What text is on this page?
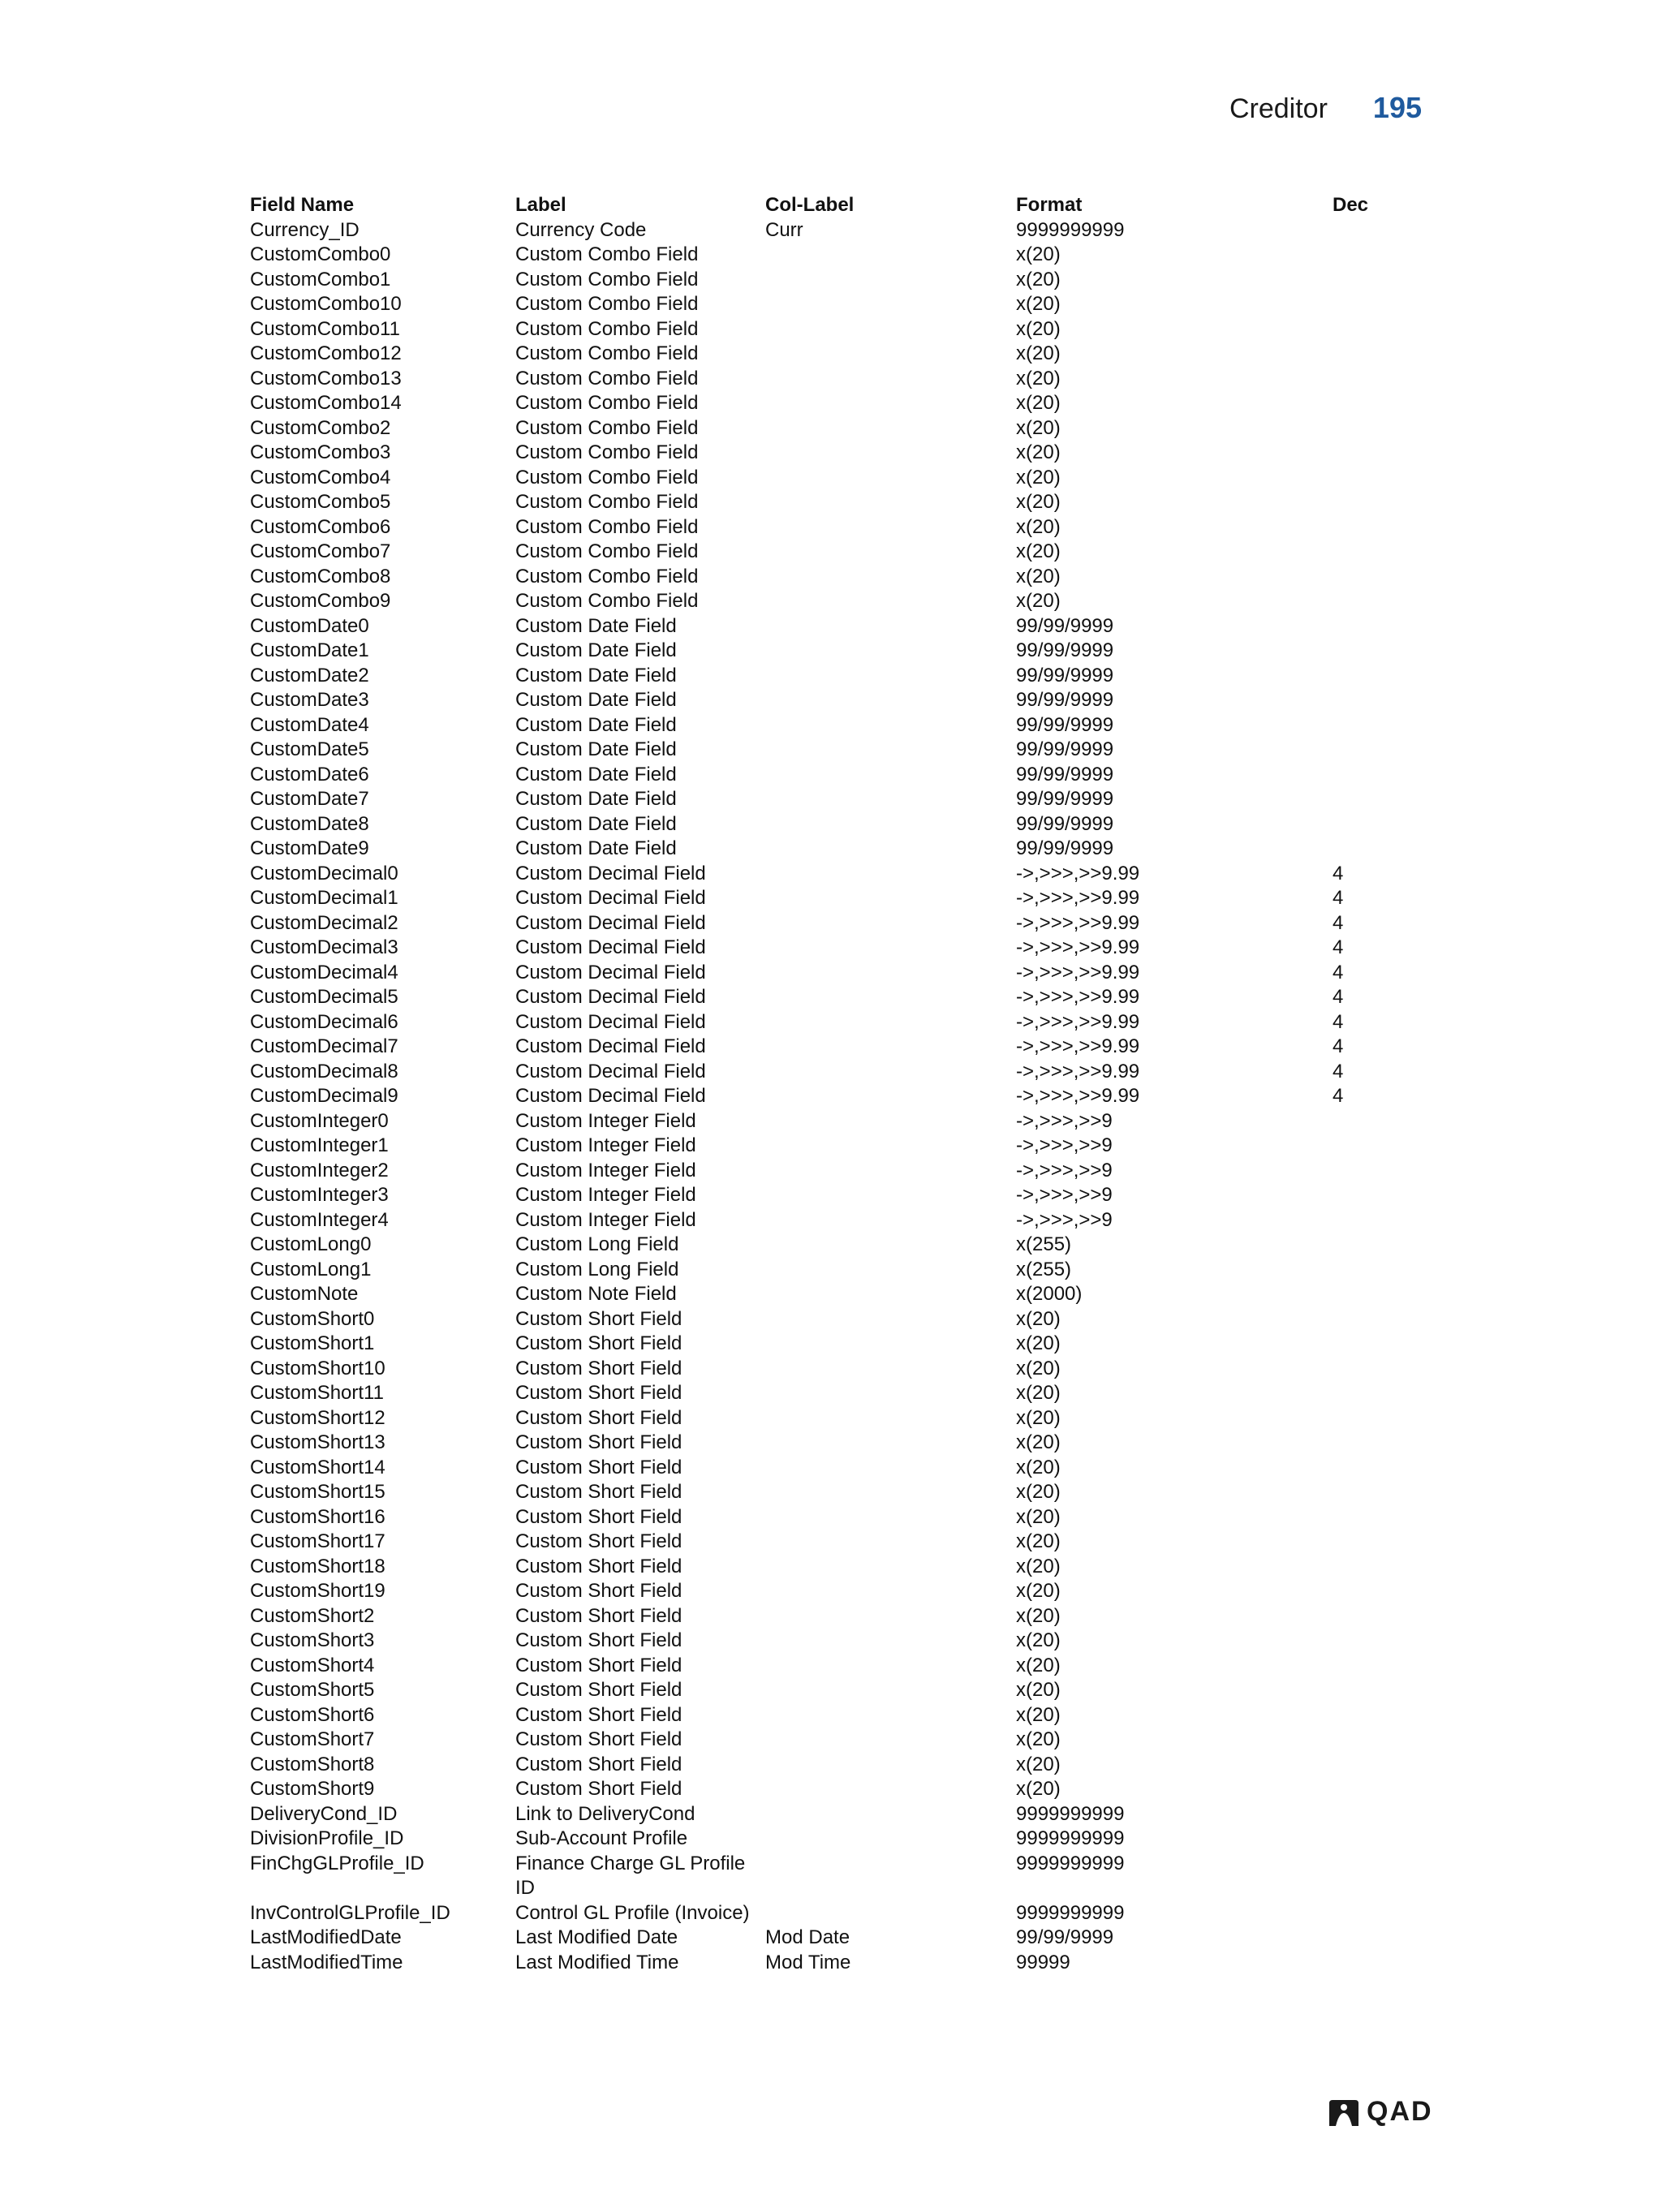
Creditor 195
Field Name	Label	Col-Label	Format	Dec
Currency_ID	Currency Code	Curr	9999999999	
CustomCombo0	Custom Combo Field		x(20)	
CustomCombo1	Custom Combo Field		x(20)	
CustomCombo10	Custom Combo Field		x(20)	
CustomCombo11	Custom Combo Field		x(20)	
CustomCombo12	Custom Combo Field		x(20)	
CustomCombo13	Custom Combo Field		x(20)	
CustomCombo14	Custom Combo Field		x(20)	
CustomCombo2	Custom Combo Field		x(20)	
CustomCombo3	Custom Combo Field		x(20)	
CustomCombo4	Custom Combo Field		x(20)	
CustomCombo5	Custom Combo Field		x(20)	
CustomCombo6	Custom Combo Field		x(20)	
CustomCombo7	Custom Combo Field		x(20)	
CustomCombo8	Custom Combo Field		x(20)	
CustomCombo9	Custom Combo Field		x(20)	
CustomDate0	Custom Date Field		99/99/9999	
CustomDate1	Custom Date Field		99/99/9999	
CustomDate2	Custom Date Field		99/99/9999	
CustomDate3	Custom Date Field		99/99/9999	
CustomDate4	Custom Date Field		99/99/9999	
CustomDate5	Custom Date Field		99/99/9999	
CustomDate6	Custom Date Field		99/99/9999	
CustomDate7	Custom Date Field		99/99/9999	
CustomDate8	Custom Date Field		99/99/9999	
CustomDate9	Custom Date Field		99/99/9999	
CustomDecimal0	Custom Decimal Field		->,>>>,>>9.99	4
CustomDecimal1	Custom Decimal Field		->,>>>,>>9.99	4
CustomDecimal2	Custom Decimal Field		->,>>>,>>9.99	4
CustomDecimal3	Custom Decimal Field		->,>>>,>>9.99	4
CustomDecimal4	Custom Decimal Field		->,>>>,>>9.99	4
CustomDecimal5	Custom Decimal Field		->,>>>,>>9.99	4
CustomDecimal6	Custom Decimal Field		->,>>>,>>9.99	4
CustomDecimal7	Custom Decimal Field		->,>>>,>>9.99	4
CustomDecimal8	Custom Decimal Field		->,>>>,>>9.99	4
CustomDecimal9	Custom Decimal Field		->,>>>,>>9.99	4
CustomInteger0	Custom Integer Field		->,>>>,>>9	
CustomInteger1	Custom Integer Field		->,>>>,>>9	
CustomInteger2	Custom Integer Field		->,>>>,>>9	
CustomInteger3	Custom Integer Field		->,>>>,>>9	
CustomInteger4	Custom Integer Field		->,>>>,>>9	
CustomLong0	Custom Long Field		x(255)	
CustomLong1	Custom Long Field		x(255)	
CustomNote	Custom Note Field		x(2000)	
CustomShort0	Custom Short Field		x(20)	
CustomShort1	Custom Short Field		x(20)	
CustomShort10	Custom Short Field		x(20)	
CustomShort11	Custom Short Field		x(20)	
CustomShort12	Custom Short Field		x(20)	
CustomShort13	Custom Short Field		x(20)	
CustomShort14	Custom Short Field		x(20)	
CustomShort15	Custom Short Field		x(20)	
CustomShort16	Custom Short Field		x(20)	
CustomShort17	Custom Short Field		x(20)	
CustomShort18	Custom Short Field		x(20)	
CustomShort19	Custom Short Field		x(20)	
CustomShort2	Custom Short Field		x(20)	
CustomShort3	Custom Short Field		x(20)	
CustomShort4	Custom Short Field		x(20)	
CustomShort5	Custom Short Field		x(20)	
CustomShort6	Custom Short Field		x(20)	
CustomShort7	Custom Short Field		x(20)	
CustomShort8	Custom Short Field		x(20)	
CustomShort9	Custom Short Field		x(20)	
DeliveryCond_ID	Link to DeliveryCond		9999999999	
DivisionProfile_ID	Sub-Account Profile		9999999999	
FinChgGLProfile_ID	Finance Charge GL Profile ID		9999999999	
InvControlGLProfile_ID	Control GL Profile (Invoice)		9999999999	
LastModifiedDate	Last Modified Date	Mod Date	99/99/9999	
LastModifiedTime	Last Modified Time	Mod Time	99999	
QAD
